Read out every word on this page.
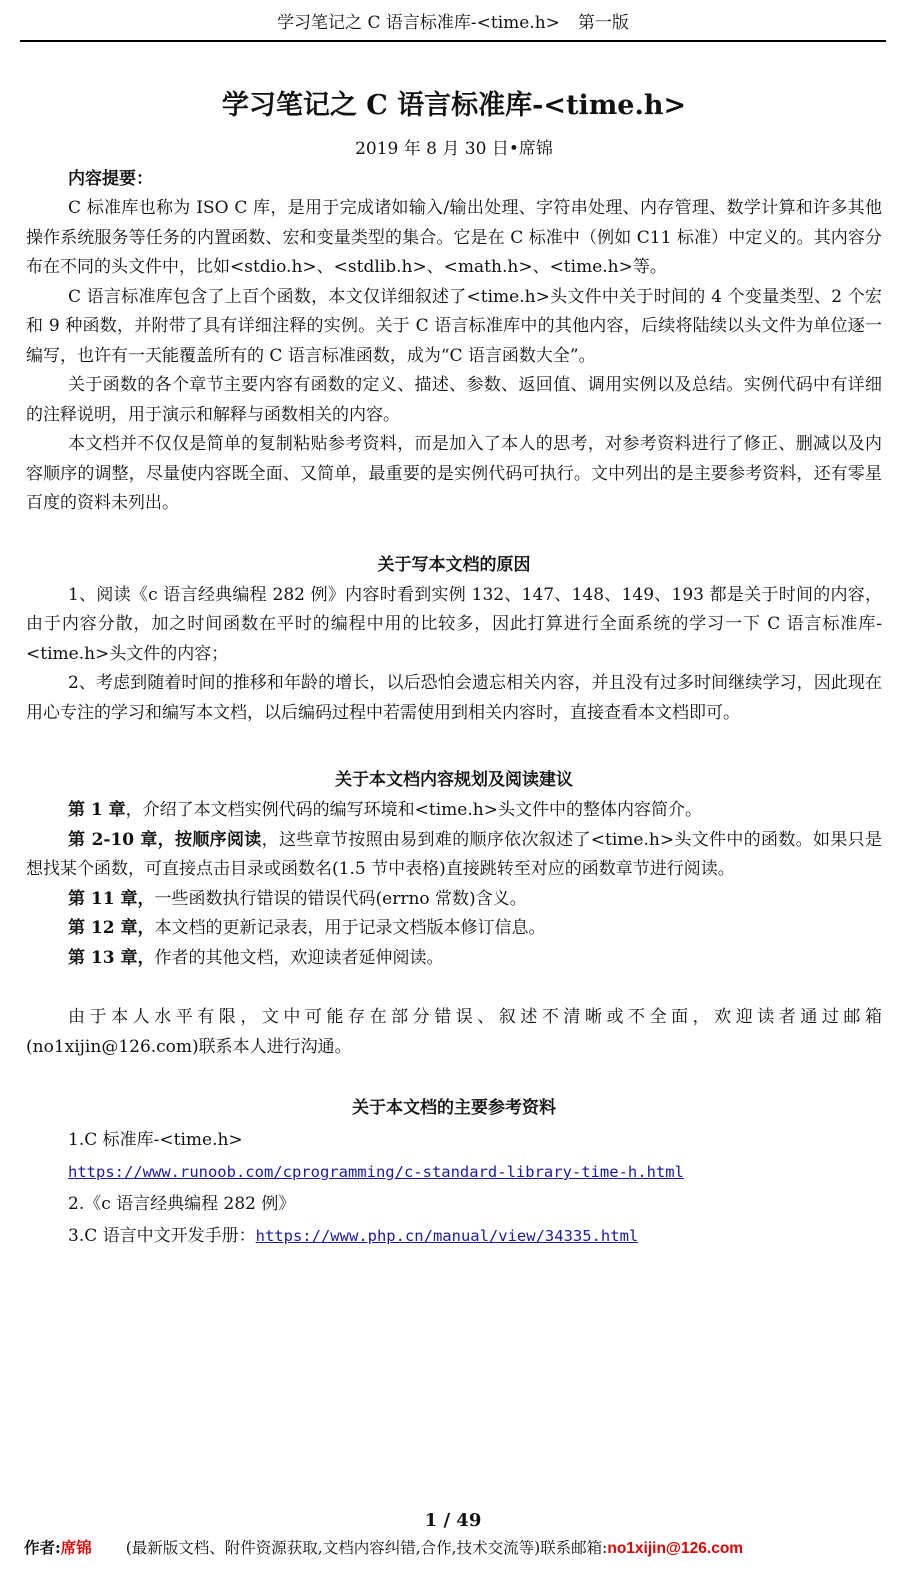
学习笔记之 C 语言标准库-<time.h> 第一版
学习笔记之 C 语言标准库-<time.h>
2019 年 8 月 30 日•席锦
内容提要：

C 标准库也称为 ISO C 库，是用于完成诸如输入/输出处理、字符串处理、内存管理、数学计算和许多其他操作系统服务等任务的内置函数、宏和变量类型的集合。它是在 C 标准中（例如 C11 标准）中定义的。其内容分布在不同的头文件中，比如<stdio.h>、<stdlib.h>、<math.h>、<time.h>等。

C 语言标准库包含了上百个函数，本文仅详细叙述了<time.h>头文件中关于时间的 4 个变量类型、2 个宏和 9 种函数，并附带了具有详细注释的实例。关于 C 语言标准库中的其他内容，后续将陆续以头文件为单位逐一编写，也许有一天能覆盖所有的 C 语言标准函数，成为“C 语言函数大全”。

关于函数的各个章节主要内容有函数的定义、描述、参数、返回值、调用实例以及总结。实例代码中有详细的注释说明，用于演示和解释与函数相关的内容。

本文档并不仅仅是简单的复制粘贴参考资料，而是加入了本人的思考，对参考资料进行了修正、删减以及内容顺序的调整，尽量使内容既全面、又简单，最重要的是实例代码可执行。文中列出的是主要参考资料，还有零星百度的资料未列出。

关于写本文档的原因

1、阅读《c 语言经典编程 282 例》内容时看到实例 132、147、148、149、193 都是关于时间的内容，由于内容分散，加之时间函数在平时的编程中用的比较多，因此打算进行全面系统的学习一下 C 语言标准库-<time.h>头文件的内容；

2、考虑到随着时间的推移和年龄的增长，以后恐怕会遗忘相关内容，并且没有过多时间继续学习，因此现在用心专注的学习和编写本文档，以后编码过程中若需使用到相关内容时，直接查看本文档即可。

关于本文档内容规划及阅读建议

第 1 章，介绍了本文档实例代码的编写环境和<time.h>头文件中的整体内容简介。

第 2-10 章，按顺序阅读，这些章节按照由易到难的顺序依次叙述了<time.h>头文件中的函数。如果只是想找某个函数，可直接点击目录或函数名(1.5 节中表格)直接跳转至对应的函数章节进行阅读。

第 11 章，一些函数执行错误的错误代码(errno 常数)含义。

第 12 章，本文档的更新记录表，用于记录文档版本修订信息。

第 13 章，作者的其他文档，欢迎读者延伸阅读。

由于本人水平有限，文中可能存在部分错误、叙述不清晰或不全面，欢迎读者通过邮箱(no1xijin@126.com)联系本人进行沟通。

关于本文档的主要参考资料
1.C 标准库-<time.h>
https://www.runoob.com/cprogramming/c-standard-library-time-h.html
2.《c 语言经典编程 282 例》
3.C 语言中文开发手册：https://www.php.cn/manual/view/34335.html
1 / 49
作者:席锦 (最新版文档、附件资源获取,文档内容纠错,合作,技术交流等)联系邮箱:no1xijin@126.com
